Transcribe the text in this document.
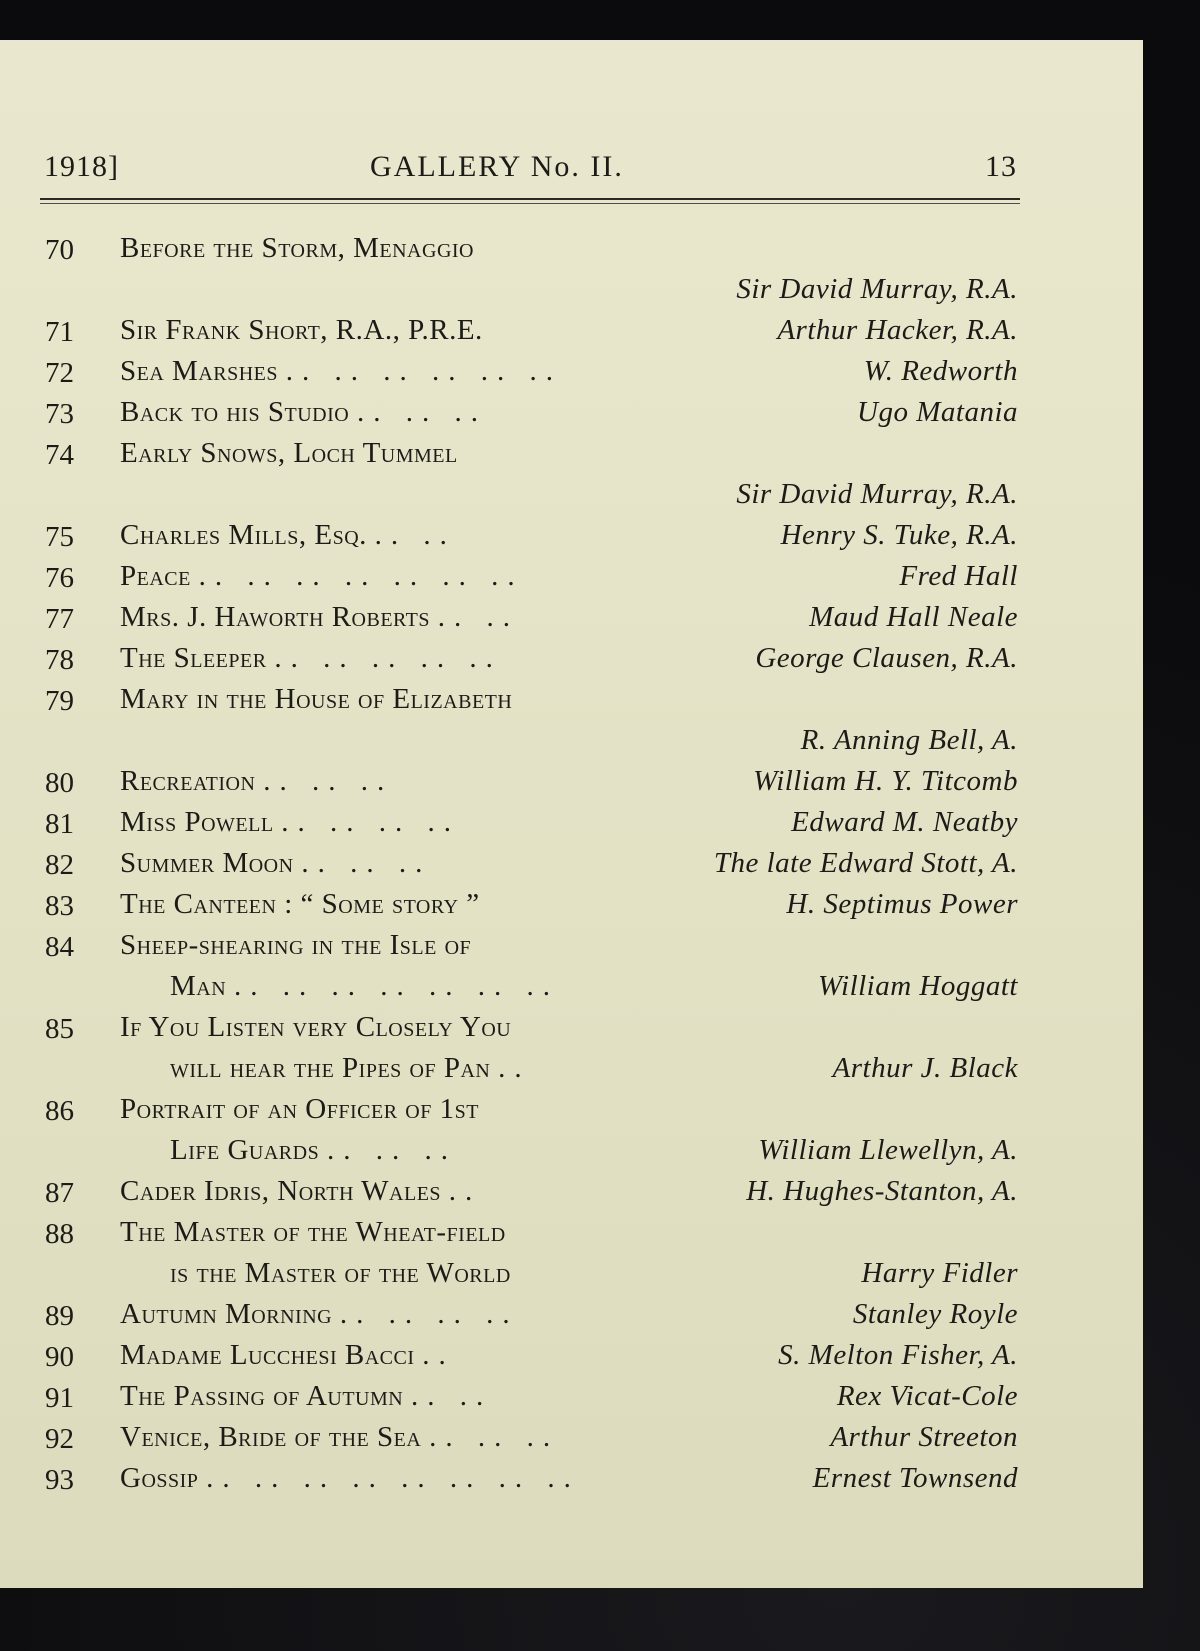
1918]	GALLERY No. II.	13
70	Before the Storm, Menaggio
Sir David Murray, R.A.
71	Sir Frank Short, R.A., P.R.E.	Arthur Hacker, R.A.
72	Sea Marshes .. .. .. .. .. ..	W. Redworth
73	Back to his Studio .. .. ..	Ugo Matania
74	Early Snows, Loch Tummel
Sir David Murray, R.A.
75	Charles Mills, Esq. .. ..	Henry S. Tuke, R.A.
76	Peace .. .. .. .. .. .. ..	Fred Hall
77	Mrs. J. Haworth Roberts .. ..	Maud Hall Neale
78	The Sleeper .. .. .. .. ..	George Clausen, R.A.
79	Mary in the House of Elizabeth
R. Anning Bell, A.
80	Recreation .. .. ..	William H. Y. Titcomb
81	Miss Powell .. .. .. ..	Edward M. Neatby
82	Summer Moon .. .. ..	The late Edward Stott, A.
83	The Canteen : “ Some story ”	H. Septimus Power
84	Sheep-shearing in the Isle of
Man .. .. .. .. .. .. ..	William Hoggatt
85	If You Listen very Closely You
will hear the Pipes of Pan ..	Arthur J. Black
86	Portrait of an Officer of 1st
Life Guards .. .. ..	William Llewellyn, A.
87	Cader Idris, North Wales ..	H. Hughes-Stanton, A.
88	The Master of the Wheat-field
is the Master of the World	Harry Fidler
89	Autumn Morning .. .. .. ..	Stanley Royle
90	Madame Lucchesi Bacci ..	S. Melton Fisher, A.
91	The Passing of Autumn .. ..	Rex Vicat-Cole
92	Venice, Bride of the Sea .. .. ..	Arthur Streeton
93	Gossip .. .. .. .. .. .. .. ..	Ernest Townsend
